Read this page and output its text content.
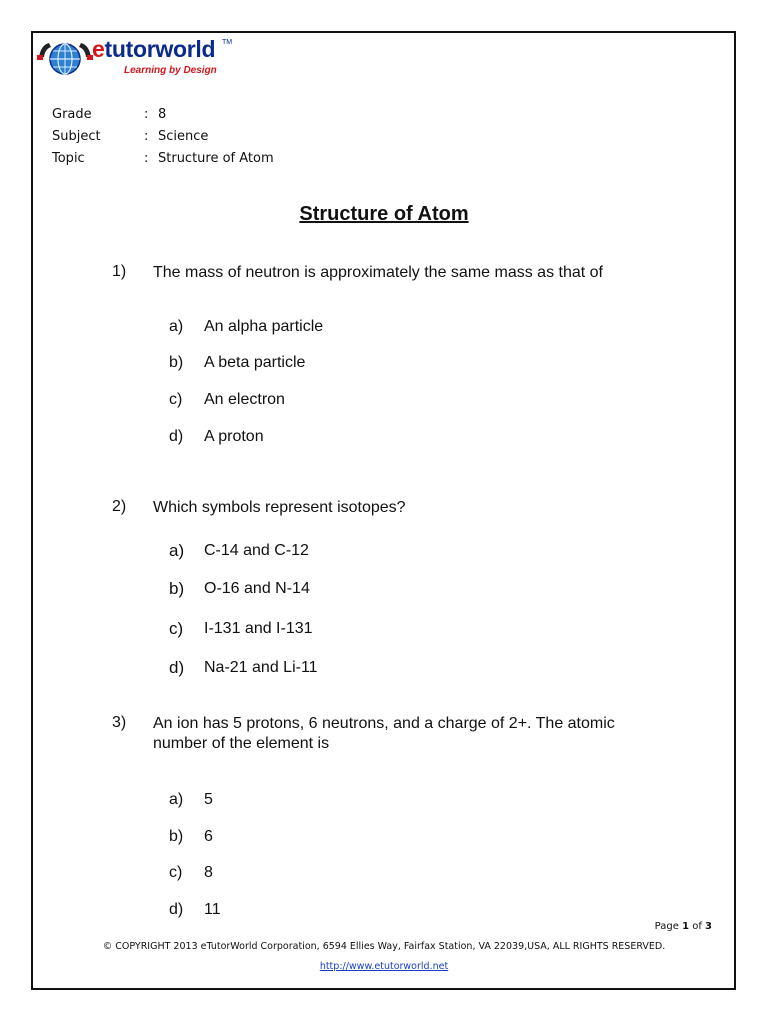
etutorworld TM
Learning by Design
Grade	: 8
Subject	: Science
Topic	: Structure of Atom
Structure of Atom
1) The mass of neutron is approximately the same mass as that of
a) An alpha particle
b) A beta particle
c) An electron
d) A proton
2) Which symbols represent isotopes?
a) C-14 and C-12
b) O-16 and N-14
c) I-131 and I-131
d) Na-21 and Li-11
3) An ion has 5 protons, 6 neutrons, and a charge of 2+. The atomic number of the element is
a) 5
b) 6
c) 8
d) 11
Page 1 of 3
© COPYRIGHT 2013 eTutorWorld Corporation, 6594 Ellies Way, Fairfax Station, VA 22039,USA, ALL RIGHTS RESERVED.
http://www.etutorworld.net
